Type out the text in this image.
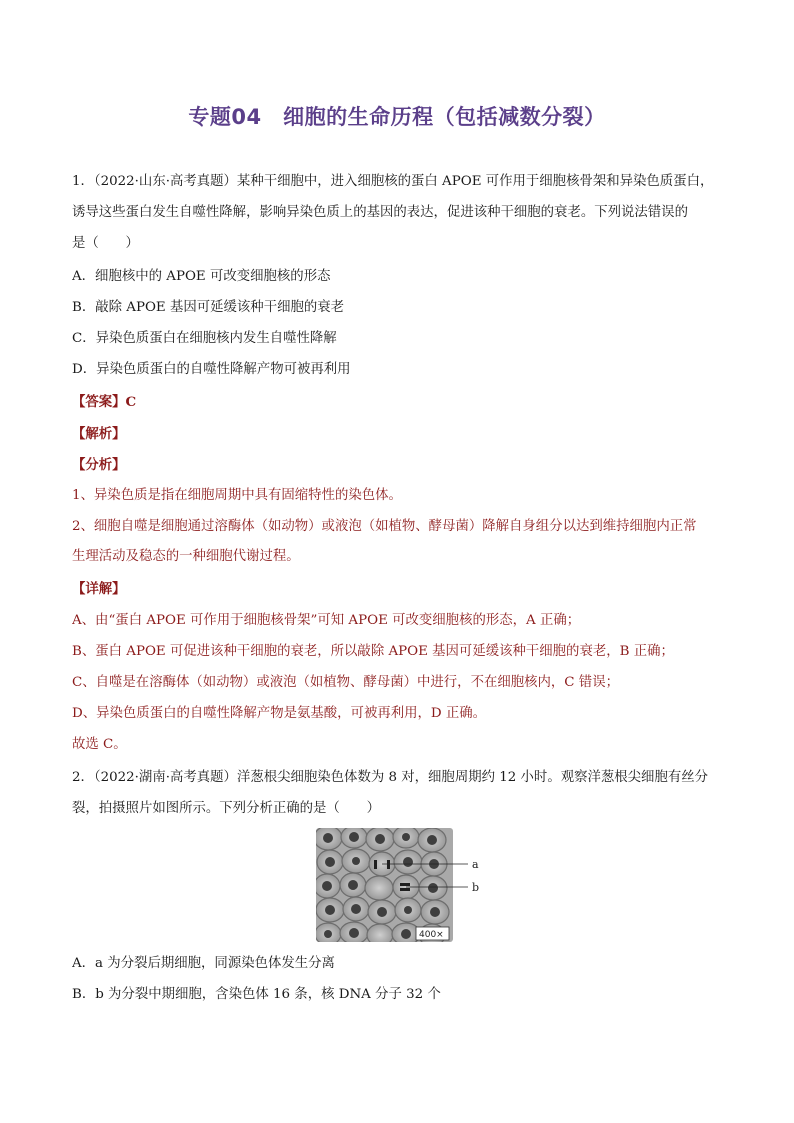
专题04　细胞的生命历程（包括减数分裂）
1．（2022·山东·高考真题）某种干细胞中，进入细胞核的蛋白 APOE 可作用于细胞核骨架和异染色质蛋白，
诱导这些蛋白发生自噬性降解，影响异染色质上的基因的表达，促进该种干细胞的衰老。下列说法错误的
是（　　）
A．细胞核中的 APOE 可改变细胞核的形态
B．敲除 APOE 基因可延缓该种干细胞的衰老
C．异染色质蛋白在细胞核内发生自噬性降解
D．异染色质蛋白的自噬性降解产物可被再利用
【答案】C
【解析】
【分析】
1、异染色质是指在细胞周期中具有固缩特性的染色体。
2、细胞自噬是细胞通过溶酶体（如动物）或液泡（如植物、酵母菌）降解自身组分以达到维持细胞内正常
生理活动及稳态的一种细胞代谢过程。
【详解】
A、由“蛋白 APOE 可作用于细胞核骨架”可知 APOE 可改变细胞核的形态，A 正确；
B、蛋白 APOE 可促进该种干细胞的衰老，所以敲除 APOE 基因可延缓该种干细胞的衰老，B 正确；
C、自噬是在溶酶体（如动物）或液泡（如植物、酵母菌）中进行，不在细胞核内，C 错误；
D、异染色质蛋白的自噬性降解产物是氨基酸，可被再利用，D 正确。
故选 C。
2．（2022·湖南·高考真题）洋葱根尖细胞染色体数为 8 对，细胞周期约 12 小时。观察洋葱根尖细胞有丝分
裂，拍摄照片如图所示。下列分析正确的是（　　）
a
b
400×
A．a 为分裂后期细胞，同源染色体发生分离
B．b 为分裂中期细胞，含染色体 16 条，核 DNA 分子 32 个
